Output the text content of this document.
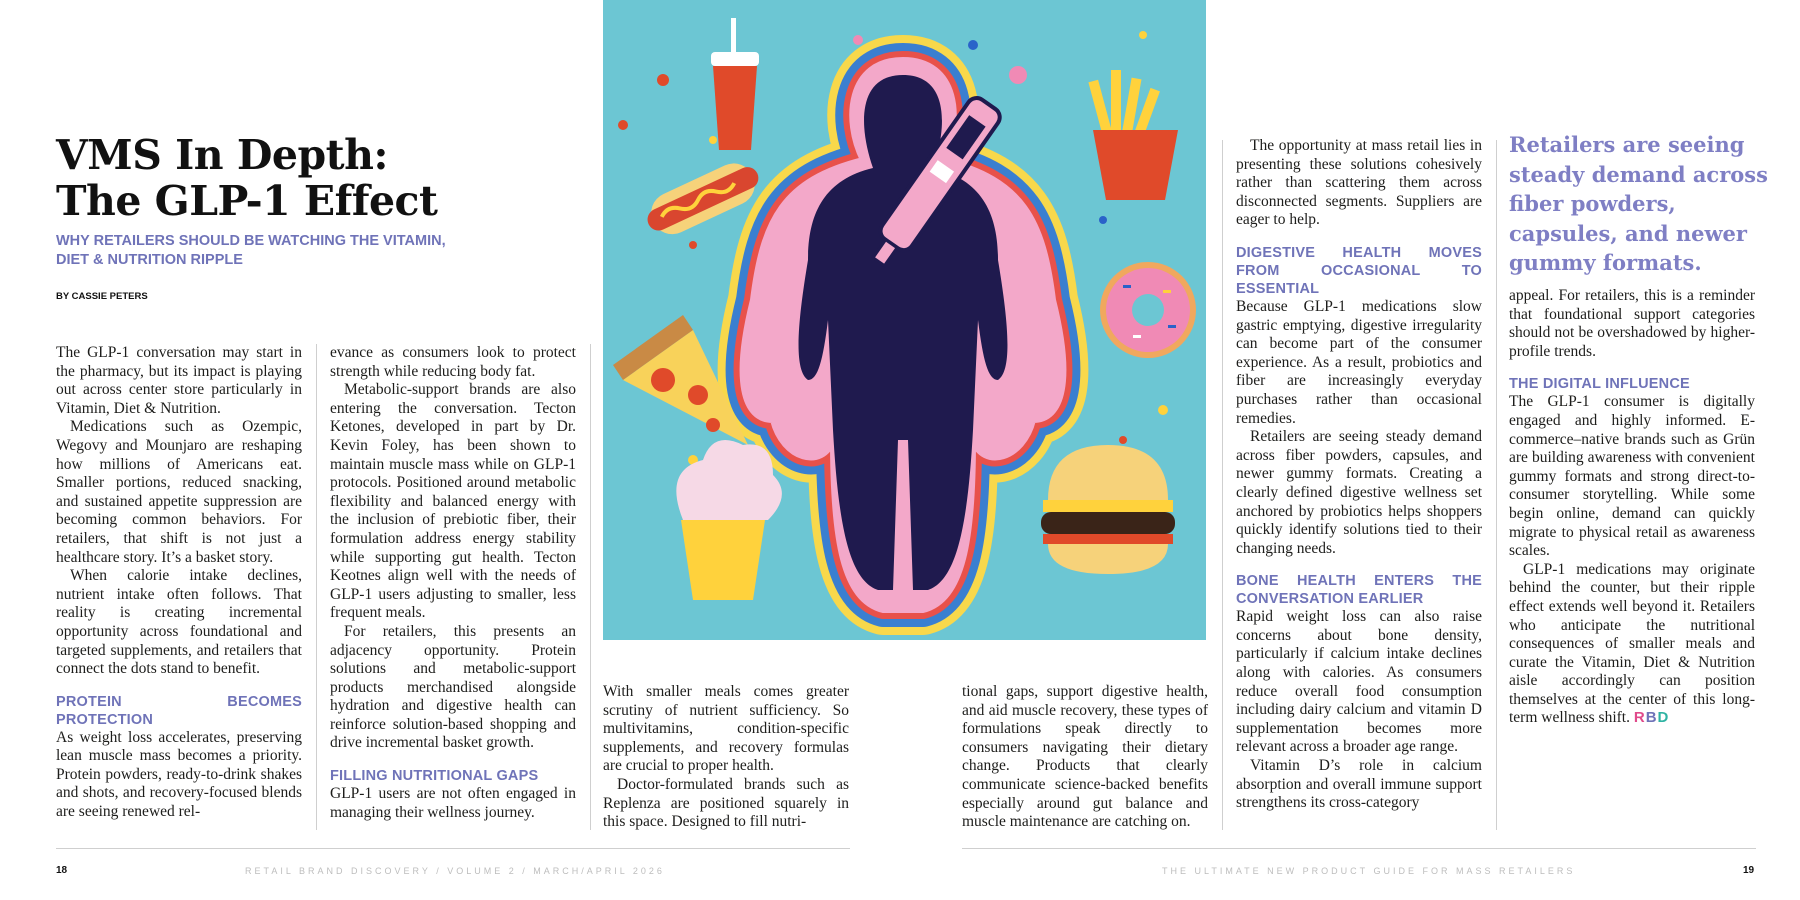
VMS In Depth:
The GLP-1 Effect
WHY RETAILERS SHOULD BE WATCHING THE VITAMIN,
DIET & NUTRITION RIPPLE
BY CASSIE PETERS

The GLP-1 conversation may start in the pharmacy, but its impact is playing out across center store particularly in Vitamin, Diet & Nutrition.

Medications such as Ozempic, Wegovy and Mounjaro are reshaping how millions of Americans eat. Smaller portions, reduced snacking, and sustained appetite suppression are becoming common behaviors. For retailers, that shift is not just a healthcare story. It’s a basket story.

When calorie intake declines, nutrient intake often follows. That reality is creating incremental opportunity across foundational and targeted supplements, and retailers that connect the dots stand to benefit.

PROTEIN BECOMES PROTECTION

As weight loss accelerates, preserving lean muscle mass becomes a priority. Protein powders, ready-to-drink shakes and shots, and recovery-focused blends are seeing renewed rel-

evance as consumers look to protect strength while reducing body fat.

Metabolic-support brands are also entering the conversation. Tecton Ketones, developed in part by Dr. Kevin Foley, has been shown to maintain muscle mass while on GLP-1 protocols. Positioned around metabolic flexibility and balanced energy with the inclusion of prebiotic fiber, their formulation address energy stability while supporting gut health. Tecton Keotnes align well with the needs of GLP-1 users adjusting to smaller, less frequent meals.

For retailers, this presents an adjacency opportunity. Protein solutions and metabolic-support products merchandised alongside hydration and digestive health can reinforce solution-based shopping and drive incremental basket growth.

FILLING NUTRITIONAL GAPS

GLP-1 users are not often engaged in managing their wellness journey.

With smaller meals comes greater scrutiny of nutrient sufficiency. So multivitamins, condition-specific supplements, and recovery formulas are crucial to proper health.

Doctor-formulated brands such as Replenza are positioned squarely in this space. Designed to fill nutri-

tional gaps, support digestive health, and aid muscle recovery, these types of formulations speak directly to consumers navigating their dietary change. Products that clearly communicate science-backed benefits especially around gut balance and muscle maintenance are catching on.

The opportunity at mass retail lies in presenting these solutions cohesively rather than scattering them across disconnected segments. Suppliers are eager to help.

DIGESTIVE HEALTH MOVES FROM OCCASIONAL TO ESSENTIAL

Because GLP-1 medications slow gastric emptying, digestive irregularity can become part of the consumer experience. As a result, probiotics and fiber are increasingly everyday purchases rather than occasional remedies.

Retailers are seeing steady demand across fiber powders, capsules, and newer gummy formats. Creating a clearly defined digestive wellness set anchored by probiotics helps shoppers quickly identify solutions tied to their changing needs.

BONE HEALTH ENTERS THE CONVERSATION EARLIER

Rapid weight loss can also raise concerns about bone density, particularly if calcium intake declines along with calories. As consumers reduce overall food consumption including dairy calcium and vitamin D supplementation becomes more relevant across a broader age range.

Vitamin D’s role in calcium absorption and overall immune support strengthens its cross-category

Retailers are seeing steady demand across fiber powders, capsules, and newer gummy formats.

appeal. For retailers, this is a reminder that foundational support categories should not be overshadowed by higher-profile trends.

THE DIGITAL INFLUENCE

The GLP-1 consumer is digitally engaged and highly informed. E-commerce–native brands such as Grün are building awareness with convenient gummy formats and strong direct-to-consumer storytelling. While some begin online, demand can quickly migrate to physical retail as awareness scales.

GLP-1 medications may originate behind the counter, but their ripple effect extends well beyond it. Retailers who anticipate the nutritional consequences of smaller meals and curate the Vitamin, Diet & Nutrition aisle accordingly can position themselves at the center of this long-term wellness shift. RBD

18	RETAIL BRAND DISCOVERY / VOLUME 2 / MARCH/APRIL 2026	THE ULTIMATE NEW PRODUCT GUIDE FOR MASS RETAILERS	19
